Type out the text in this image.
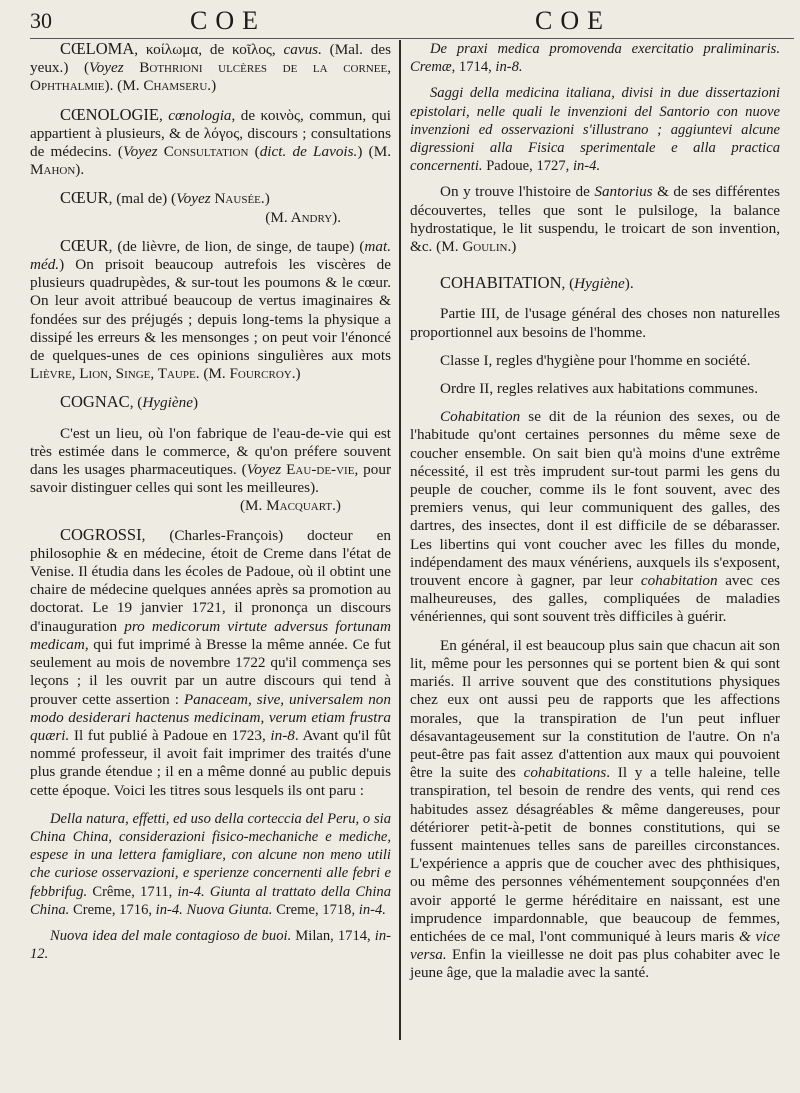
30	COE	COE

CŒLOMA, κοίλωμα, de κοῖλος, cavus. (Mal. des yeux.) (Voyez Bothrioni ulcères de la cornee, Ophthalmie). (M. Chamseru.)

CŒNOLOGIE, cœnologia, de κοινὸς, commun, qui appartient à plusieurs, & de λόγος, discours ; consultations de médecins. (Voyez Consultation (dict. de Lavois.) (M. Mahon).

CŒUR, (mal de) (Voyez Nausée.)

(M. Andry).

CŒUR, (de lièvre, de lion, de singe, de taupe) (mat. méd.) On prisoit beaucoup autrefois les viscères de plusieurs quadrupèdes, & sur-tout les poumons & le cœur. On leur avoit attribué beaucoup de vertus imaginaires & fondées sur des préjugés ; depuis long-tems la physique a dissipé les erreurs & les mensonges ; on peut voir l'énoncé de quelques-unes de ces opinions singulières aux mots Lièvre, Lion, Singe, Taupe. (M. Fourcroy.)

COGNAC, (Hygiène)

C'est un lieu, où l'on fabrique de l'eau-de-vie qui est très estimée dans le commerce, & qu'on préfere souvent dans les usages pharmaceutiques. (Voyez Eau-de-vie, pour savoir distinguer celles qui sont les meilleures).

(M. Macquart.)

COGROSSI, (Charles-François) docteur en philosophie & en médecine, étoit de Creme dans l'état de Venise. Il étudia dans les écoles de Padoue, où il obtint une chaire de médecine quelques années après sa promotion au doctorat. Le 19 janvier 1721, il prononça un discours d'inauguration pro medicorum virtute adversus fortunam medicam, qui fut imprimé à Bresse la même année. Ce fut seulement au mois de novembre 1722 qu'il commença ses leçons ; il les ouvrit par un autre discours qui tend à prouver cette assertion : Panaceam, sive, universalem non modo desiderari hactenus medicinam, verum etiam frustra quæri. Il fut publié à Padoue en 1723, in-8. Avant qu'il fût nommé professeur, il avoit fait imprimer des traités d'une plus grande étendue ; il en a même donné au public depuis cette époque. Voici les titres sous lesquels ils ont paru :

Della natura, effetti, ed uso della corteccia del Peru, o sia China China, considerazioni fisico-mechaniche e mediche, espese in una lettera famigliare, con alcune non meno utili che curiose osservazioni, e sperienze concernenti alle febri e febbrifug. Crême, 1711, in-4. Giunta al trattato della China China. Creme, 1716, in-4. Nuova Giunta. Creme, 1718, in-4.

Nuova idea del male contagioso de buoi. Milan, 1714, in-12.

De praxi medica promovenda exercitatio praliminaris. Cremæ, 1714, in-8.

Saggi della medicina italiana, divisi in due dissertazioni epistolari, nelle quali le invenzioni del Santorio con nuove invenzioni ed osservazioni s'illustrano ; aggiuntevi alcune digressioni alla Fisica sperimentale e alla practica concernenti. Padoue, 1727, in-4.

On y trouve l'histoire de Santorius & de ses différentes découvertes, telles que sont le pulsiloge, la balance hydrostatique, le lit suspendu, le troicart de son invention, &c. (M. Goulin.)

COHABITATION, (Hygiène).

Partie III, de l'usage général des choses non naturelles proportionnel aux besoins de l'homme.

Classe I, regles d'hygiène pour l'homme en société.

Ordre II, regles relatives aux habitations communes.

Cohabitation se dit de la réunion des sexes, ou de l'habitude qu'ont certaines personnes du même sexe de coucher ensemble. On sait bien qu'à moins d'une extrême nécessité, il est très imprudent sur-tout parmi les gens du peuple de coucher, comme ils le font souvent, avec des premiers venus, qui leur communiquent des galles, des dartres, des insectes, dont il est difficile de se débarasser. Les libertins qui vont coucher avec les filles du monde, indépendament des maux vénériens, auxquels ils s'exposent, trouvent encore à gagner, par leur cohabitation avec ces malheureuses, des galles, compliquées de maladies vénériennes, qui sont souvent très difficiles à guérir.

En général, il est beaucoup plus sain que chacun ait son lit, même pour les personnes qui se portent bien & qui sont mariés. Il arrive souvent que des constitutions physiques chez eux ont aussi peu de rapports que les affections morales, que la transpiration de l'un peut influer désavantageusement sur la constitution de l'autre. On n'a peut-être pas fait assez d'attention aux maux qui pouvoient être la suite des cohabitations. Il y a telle haleine, telle transpiration, tel besoin de rendre des vents, qui rend ces habitudes assez désagréables & même dangereuses, pour détériorer petit-à-petit de bonnes constitutions, qui se fussent maintenues telles sans de pareilles circonstances. L'expérience a appris que de coucher avec des phthisiques, ou même des personnes véhémentement soupçonnées d'en avoir apporté le germe héréditaire en naissant, est une imprudence impardonnable, que beaucoup de femmes, entichées de ce mal, l'ont communiqué à leurs maris & vice versa. Enfin la vieillesse ne doit pas plus cohabiter avec le jeune âge, que la maladie avec la santé.
